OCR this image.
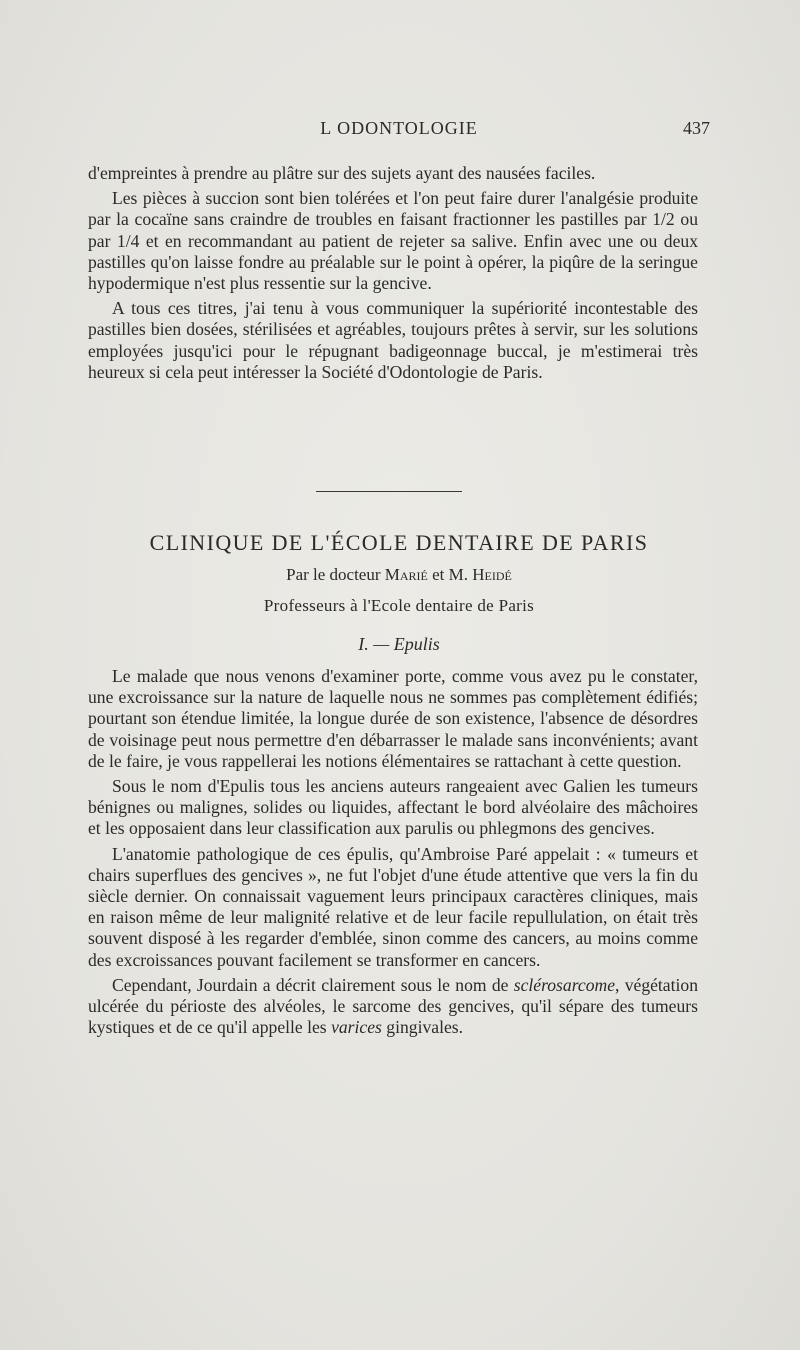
L ODONTOLOGIE	437

d'empreintes à prendre au plâtre sur des sujets ayant des nausées faciles.

Les pièces à succion sont bien tolérées et l'on peut faire durer l'analgésie produite par la cocaïne sans craindre de troubles en faisant fractionner les pastilles par 1/2 ou par 1/4 et en recommandant au patient de rejeter sa salive. Enfin avec une ou deux pastilles qu'on laisse fondre au préalable sur le point à opérer, la piqûre de la seringue hypodermique n'est plus ressentie sur la gencive.

A tous ces titres, j'ai tenu à vous communiquer la supériorité incontestable des pastilles bien dosées, stérilisées et agréables, toujours prêtes à servir, sur les solutions employées jusqu'ici pour le répugnant badigeonnage buccal, je m'estimerai très heureux si cela peut intéresser la Société d'Odontologie de Paris.

CLINIQUE DE L'ÉCOLE DENTAIRE DE PARIS
Par le docteur Marié et M. Heidé
Professeurs à l'Ecole dentaire de Paris
I. — Epulis

Le malade que nous venons d'examiner porte, comme vous avez pu le constater, une excroissance sur la nature de laquelle nous ne sommes pas complètement édifiés; pourtant son étendue limitée, la longue durée de son existence, l'absence de désordres de voisinage peut nous permettre d'en débarrasser le malade sans inconvénients; avant de le faire, je vous rappellerai les notions élémentaires se rattachant à cette question.

Sous le nom d'Epulis tous les anciens auteurs rangeaient avec Galien les tumeurs bénignes ou malignes, solides ou liquides, affectant le bord alvéolaire des mâchoires et les opposaient dans leur classification aux parulis ou phlegmons des gencives.

L'anatomie pathologique de ces épulis, qu'Ambroise Paré appelait : « tumeurs et chairs superflues des gencives », ne fut l'objet d'une étude attentive que vers la fin du siècle dernier. On connaissait vaguement leurs principaux caractères cliniques, mais en raison même de leur malignité relative et de leur facile repullulation, on était très souvent disposé à les regarder d'emblée, sinon comme des cancers, au moins comme des excroissances pouvant facilement se transformer en cancers.

Cependant, Jourdain a décrit clairement sous le nom de sclérosarcome, végétation ulcérée du périoste des alvéoles, le sarcome des gencives, qu'il sépare des tumeurs kystiques et de ce qu'il appelle les varices gingivales.
